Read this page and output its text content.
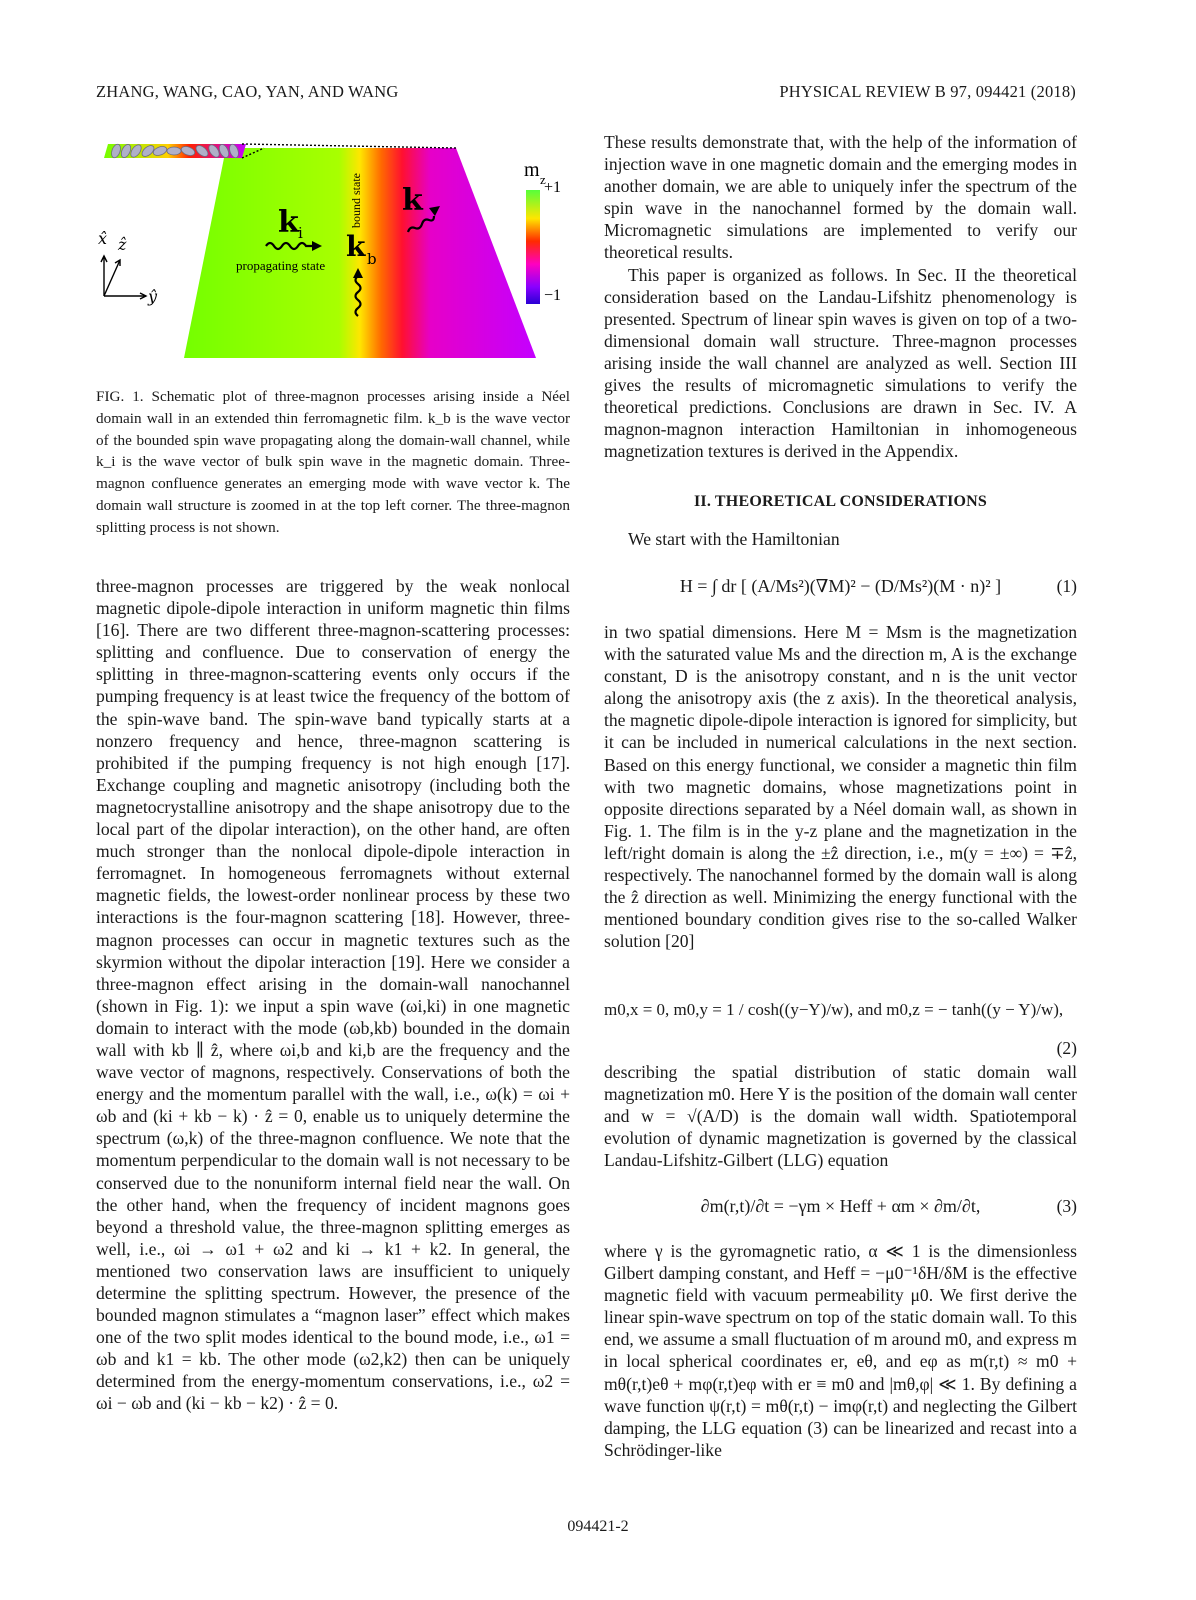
ZHANG, WANG, CAO, YAN, AND WANG	PHYSICAL REVIEW B 97, 094421 (2018)
k i
propagating state
bound state
k b
k
x̂ ẑ
ŷ
m z
+1
−1
FIG. 1. Schematic plot of three-magnon processes arising inside a Néel domain wall in an extended thin ferromagnetic film. k_b is the wave vector of the bounded spin wave propagating along the domain-wall channel, while k_i is the wave vector of bulk spin wave in the magnetic domain. Three-magnon confluence generates an emerging mode with wave vector k. The domain wall structure is zoomed in at the top left corner. The three-magnon splitting process is not shown.

three-magnon processes are triggered by the weak nonlocal magnetic dipole-dipole interaction in uniform magnetic thin films [16]. There are two different three-magnon-scattering processes: splitting and confluence. Due to conservation of energy the splitting in three-magnon-scattering events only occurs if the pumping frequency is at least twice the frequency of the bottom of the spin-wave band. The spin-wave band typically starts at a nonzero frequency and hence, three-magnon scattering is prohibited if the pumping frequency is not high enough [17]. Exchange coupling and magnetic anisotropy (including both the magnetocrystalline anisotropy and the shape anisotropy due to the local part of the dipolar interaction), on the other hand, are often much stronger than the nonlocal dipole-dipole interaction in ferromagnet. In homogeneous ferromagnets without external magnetic fields, the lowest-order nonlinear process by these two interactions is the four-magnon scattering [18]. However, three-magnon processes can occur in magnetic textures such as the skyrmion without the dipolar interaction [19]. Here we consider a three-magnon effect arising in the domain-wall nanochannel (shown in Fig. 1): we input a spin wave (ωi,ki) in one magnetic domain to interact with the mode (ωb,kb) bounded in the domain wall with kb ∥ ẑ, where ωi,b and ki,b are the frequency and the wave vector of magnons, respectively. Conservations of both the energy and the momentum parallel with the wall, i.e., ω(k) = ωi + ωb and (ki + kb − k) · ẑ = 0, enable us to uniquely determine the spectrum (ω,k) of the three-magnon confluence. We note that the momentum perpendicular to the domain wall is not necessary to be conserved due to the nonuniform internal field near the wall. On the other hand, when the frequency of incident magnons goes beyond a threshold value, the three-magnon splitting emerges as well, i.e., ωi → ω1 + ω2 and ki → k1 + k2. In general, the mentioned two conservation laws are insufficient to uniquely determine the splitting spectrum. However, the presence of the bounded magnon stimulates a “magnon laser” effect which makes one of the two split modes identical to the bound mode, i.e., ω1 = ωb and k1 = kb. The other mode (ω2,k2) then can be uniquely determined from the energy-momentum conservations, i.e., ω2 = ωi − ωb and (ki − kb − k2) · ẑ = 0.

These results demonstrate that, with the help of the information of injection wave in one magnetic domain and the emerging modes in another domain, we are able to uniquely infer the spectrum of the spin wave in the nanochannel formed by the domain wall. Micromagnetic simulations are implemented to verify our theoretical results.

This paper is organized as follows. In Sec. II the theoretical consideration based on the Landau-Lifshitz phenomenology is presented. Spectrum of linear spin waves is given on top of a two-dimensional domain wall structure. Three-magnon processes arising inside the wall channel are analyzed as well. Section III gives the results of micromagnetic simulations to verify the theoretical predictions. Conclusions are drawn in Sec. IV. A magnon-magnon interaction Hamiltonian in inhomogeneous magnetization textures is derived in the Appendix.

II. THEORETICAL CONSIDERATIONS

We start with the Hamiltonian

H = ∫ dr [ (A/Ms²)(∇M)² − (D/Ms²)(M · n)² ]	(1)

in two spatial dimensions. Here M = Msm is the magnetization with the saturated value Ms and the direction m, A is the exchange constant, D is the anisotropy constant, and n is the unit vector along the anisotropy axis (the z axis). In the theoretical analysis, the magnetic dipole-dipole interaction is ignored for simplicity, but it can be included in numerical calculations in the next section. Based on this energy functional, we consider a magnetic thin film with two magnetic domains, whose magnetizations point in opposite directions separated by a Néel domain wall, as shown in Fig. 1. The film is in the y-z plane and the magnetization in the left/right domain is along the ±ẑ direction, i.e., m(y = ±∞) = ∓ẑ, respectively. The nanochannel formed by the domain wall is along the ẑ direction as well. Minimizing the energy functional with the mentioned boundary condition gives rise to the so-called Walker solution [20]

m0,x = 0, m0,y = 1 / cosh((y−Y)/w), and m0,z = − tanh((y − Y)/w),
(2)

describing the spatial distribution of static domain wall magnetization m0. Here Y is the position of the domain wall center and w = √(A/D) is the domain wall width. Spatiotemporal evolution of dynamic magnetization is governed by the classical Landau-Lifshitz-Gilbert (LLG) equation

∂m(r,t)/∂t = −γm × Heff + αm × ∂m/∂t,	(3)

where γ is the gyromagnetic ratio, α ≪ 1 is the dimensionless Gilbert damping constant, and Heff = −μ0⁻¹δH/δM is the effective magnetic field with vacuum permeability μ0. We first derive the linear spin-wave spectrum on top of the static domain wall. To this end, we assume a small fluctuation of m around m0, and express m in local spherical coordinates er, eθ, and eφ as m(r,t) ≈ m0 + mθ(r,t)eθ + mφ(r,t)eφ with er ≡ m0 and |mθ,φ| ≪ 1. By defining a wave function ψ(r,t) = mθ(r,t) − imφ(r,t) and neglecting the Gilbert damping, the LLG equation (3) can be linearized and recast into a Schrödinger-like

094421-2
